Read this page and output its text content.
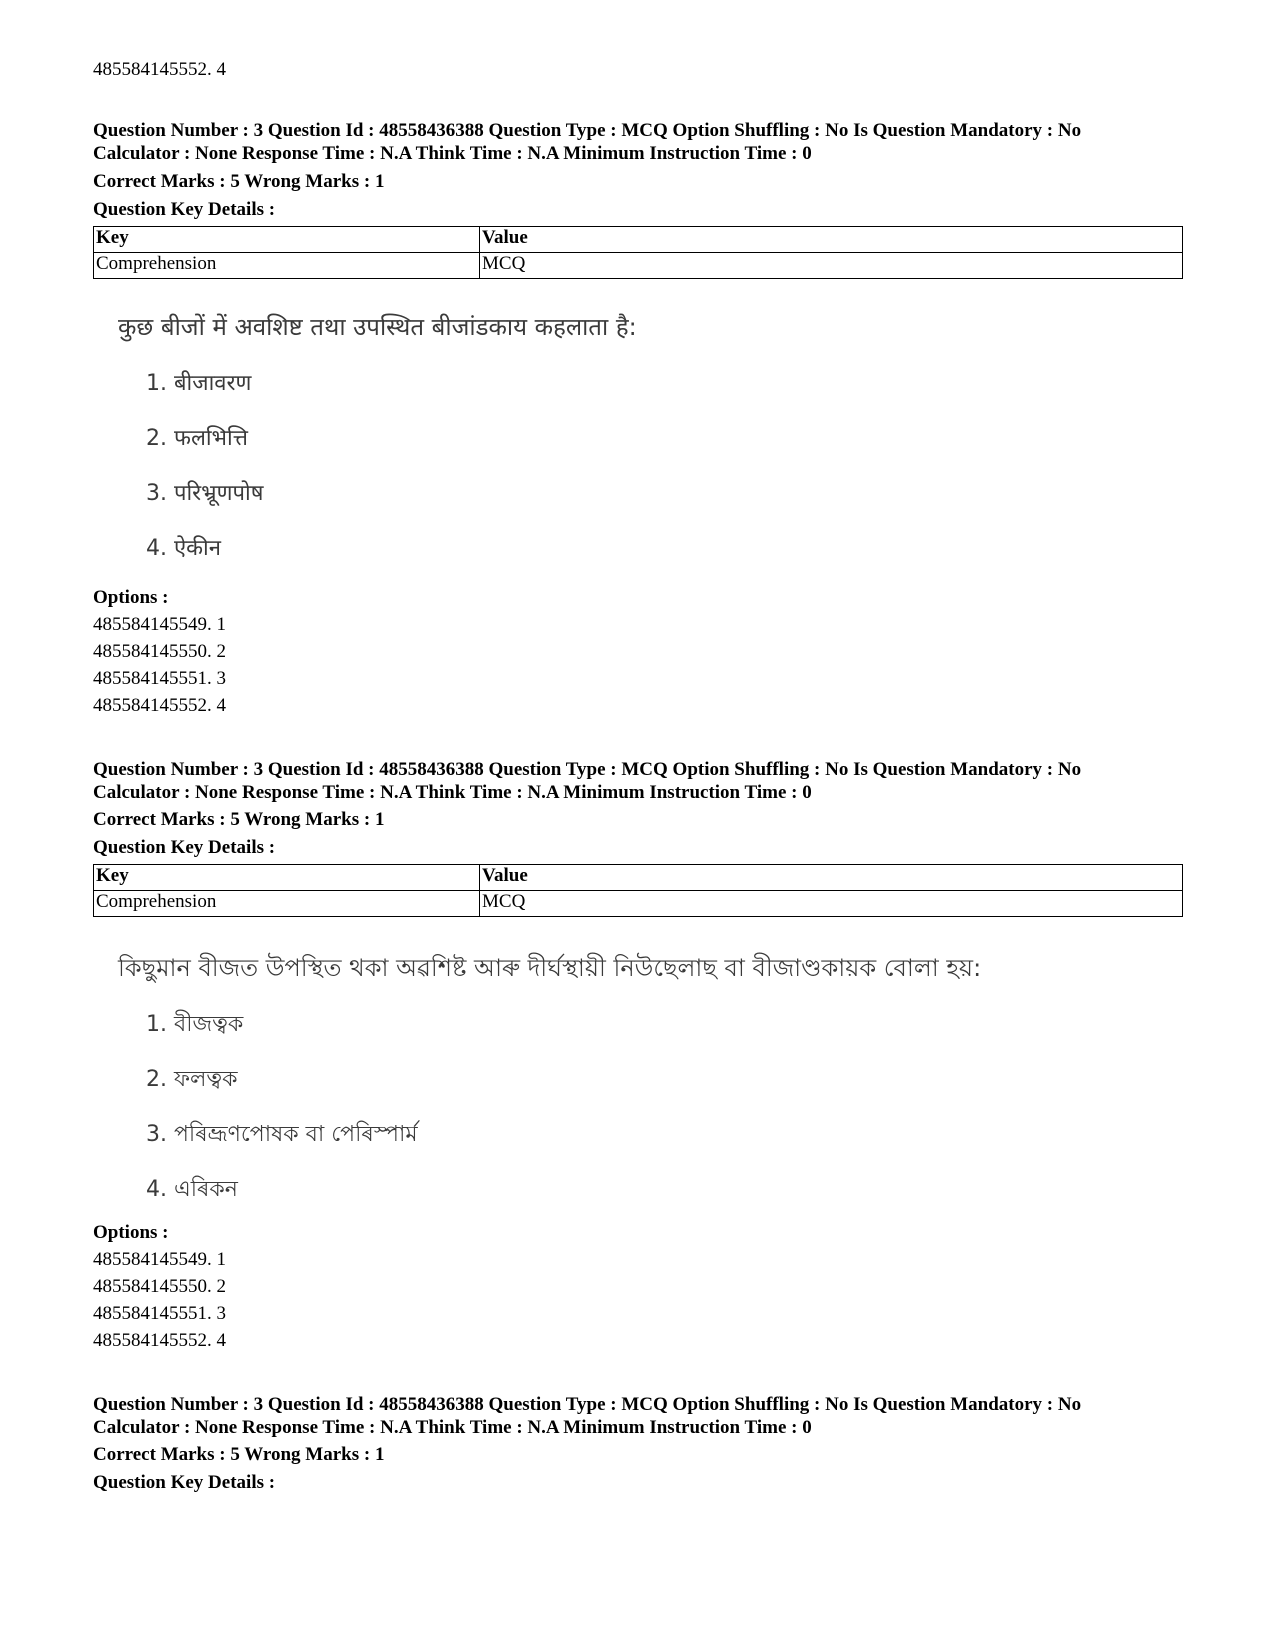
485584145552. 4
Question Number : 3 Question Id : 48558436388 Question Type : MCQ Option Shuffling : No Is Question Mandatory : No
Calculator : None Response Time : N.A Think Time : N.A Minimum Instruction Time : 0
Correct Marks : 5 Wrong Marks : 1
Question Key Details :
Key	Value
Comprehension	MCQ
कुछ बीजों में अवशिष्ट तथा उपस्थित बीजांडकाय कहलाता है:
1. बीजावरण
2. फलभित्ति
3. परिभ्रूणपोष
4. ऐकीन
Options :
485584145549. 1
485584145550. 2
485584145551. 3
485584145552. 4
Question Number : 3 Question Id : 48558436388 Question Type : MCQ Option Shuffling : No Is Question Mandatory : No
Calculator : None Response Time : N.A Think Time : N.A Minimum Instruction Time : 0
Correct Marks : 5 Wrong Marks : 1
Question Key Details :
Key	Value
Comprehension	MCQ
কিছুমান বীজত উপস্থিত থকা অৱশিষ্ট আৰু দীৰ্ঘস্থায়ী নিউছেলাছ বা বীজাণ্ডকায়ক বোলা হয়:
1. বীজত্বক
2. ফলত্বক
3. পৰিভ্ৰূণপোষক বা পেৰিস্পাৰ্ম
4. এৰিকন
Options :
485584145549. 1
485584145550. 2
485584145551. 3
485584145552. 4
Question Number : 3 Question Id : 48558436388 Question Type : MCQ Option Shuffling : No Is Question Mandatory : No
Calculator : None Response Time : N.A Think Time : N.A Minimum Instruction Time : 0
Correct Marks : 5 Wrong Marks : 1
Question Key Details :
